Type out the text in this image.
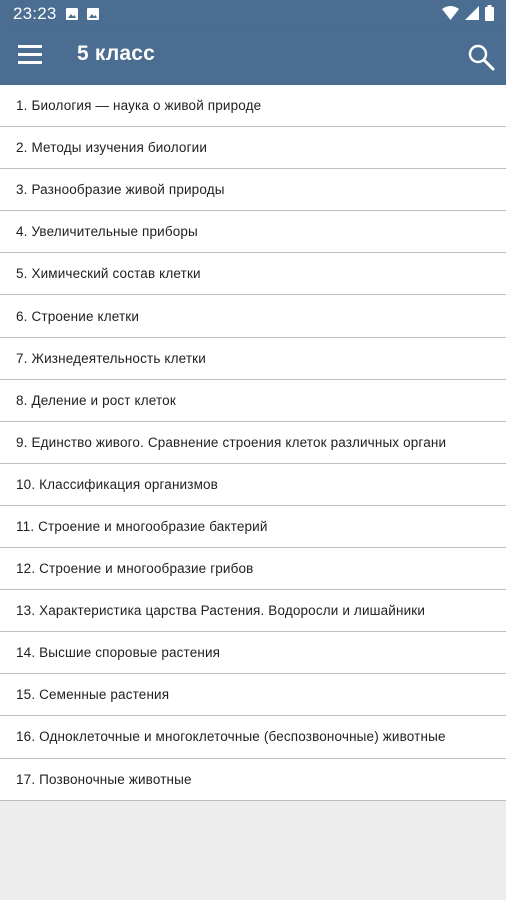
23:23
5 класс
1. Биология — наука о живой природе
2. Методы изучения биологии
3. Разнообразие живой природы
4. Увеличительные приборы
5. Химический состав клетки
6. Строение клетки
7. Жизнедеятельность клетки
8. Деление и рост клеток
9. Единство живого. Сравнение строения клеток различных органи
10. Классификация организмов
11. Строение и многообразие бактерий
12. Строение и многообразие грибов
13. Характеристика царства Растения. Водоросли и лишайники
14. Высшие споровые растения
15. Семенные растения
16. Одноклеточные и многоклеточные (беспозвоночные) животные
17. Позвоночные животные
